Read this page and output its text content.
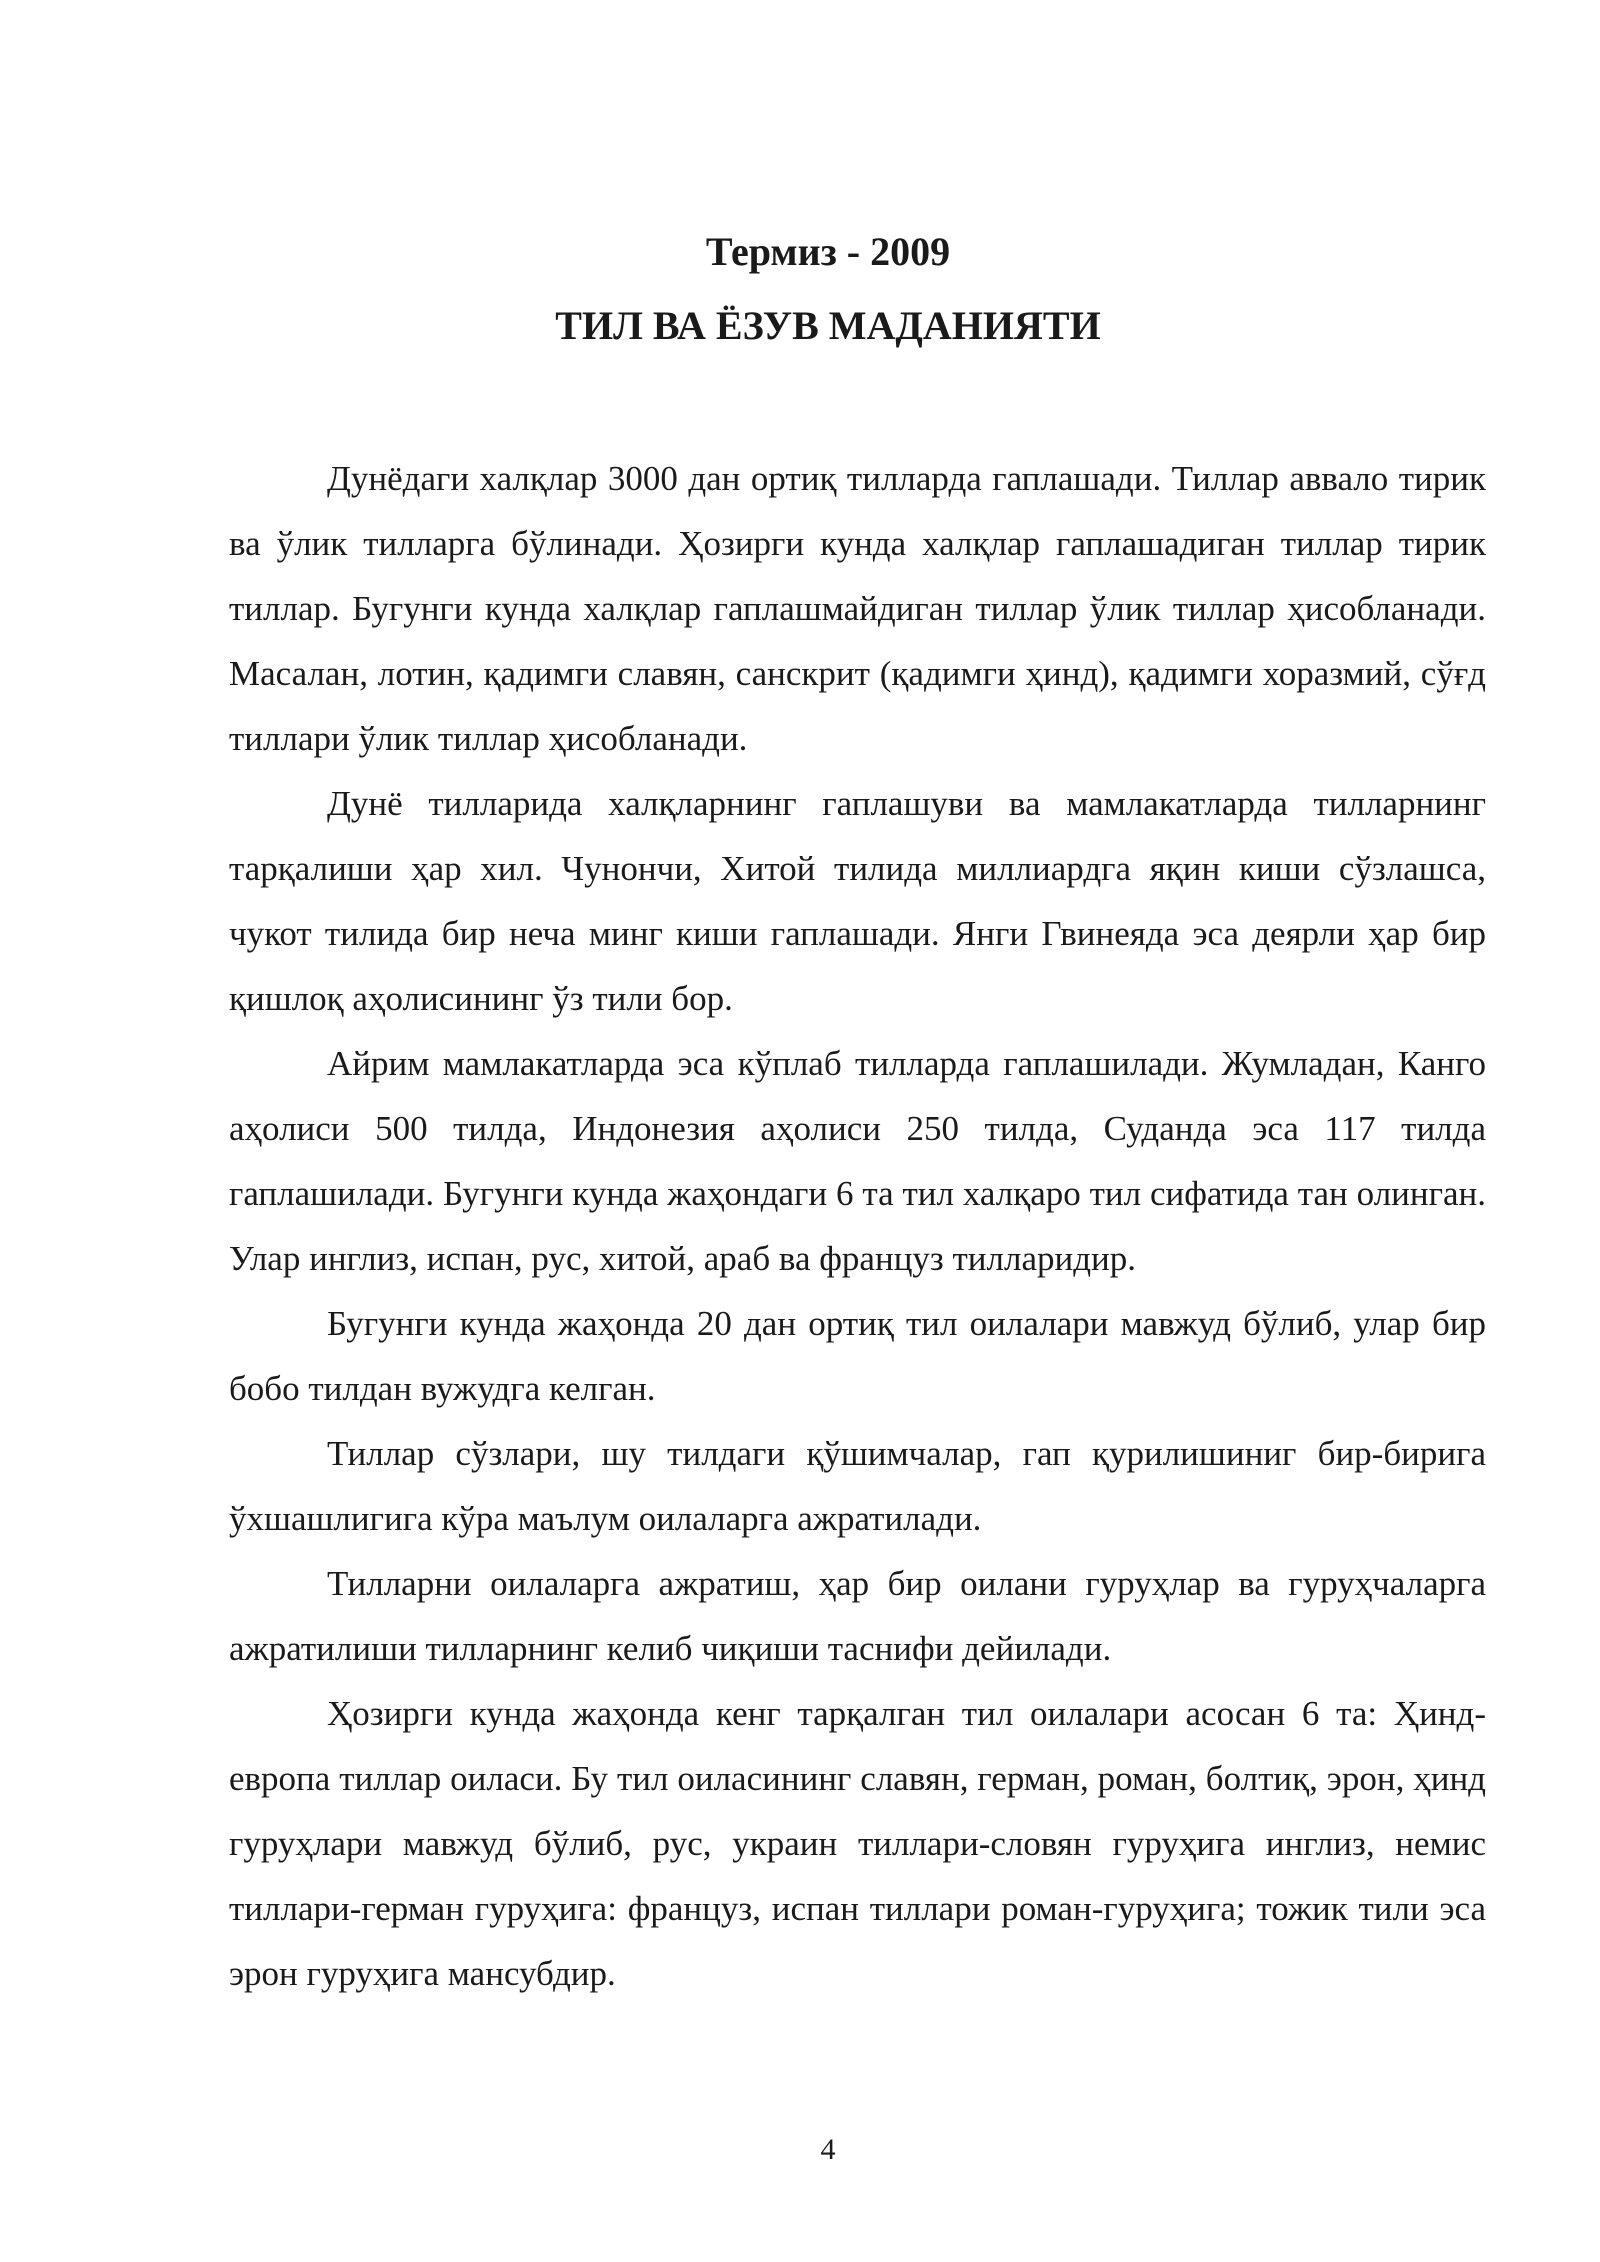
Термиз - 2009
ТИЛ ВА ЁЗУВ МАДАНИЯТИ

Дунёдаги халқлар 3000 дан ортиқ тилларда гаплашади. Тиллар аввало тирик ва ўлик тилларга бўлинади. Ҳозирги кунда халқлар гаплашадиган тиллар тирик тиллар. Бугунги кунда халқлар гаплашмайдиган тиллар ўлик тиллар ҳисобланади. Масалан, лотин, қадимги славян, санскрит (қадимги ҳинд), қадимги хоразмий, сўғд тиллари ўлик тиллар ҳисобланади.

Дунё тилларида халқларнинг гаплашуви ва мамлакатларда тилларнинг тарқалиши ҳар хил. Чунончи, Хитой тилида миллиардга яқин киши сўзлашса, чукот тилида бир неча минг киши гаплашади. Янги Гвинеяда эса деярли ҳар бир қишлоқ аҳолисининг ўз тили бор.

Айрим мамлакатларда эса кўплаб тилларда гаплашилади. Жумладан, Канго аҳолиси 500 тилда, Индонезия аҳолиси 250 тилда, Суданда эса 117 тилда гаплашилади. Бугунги кунда жаҳондаги 6 та тил халқаро тил сифатида тан олинган. Улар инглиз, испан, рус, хитой, араб ва француз тилларидир.

Бугунги кунда жаҳонда 20 дан ортиқ тил оилалари мавжуд бўлиб, улар бир бобо тилдан вужудга келган.

Тиллар сўзлари, шу тилдаги қўшимчалар, гап қурилишиниг бир-бирига ўхшашлигига кўра маълум оилаларга ажратилади.

Тилларни оилаларга ажратиш, ҳар бир оилани гуруҳлар ва гуруҳчаларга ажратилиши тилларнинг келиб чиқиши таснифи дейилади.

Ҳозирги кунда жаҳонда кенг тарқалган тил оилалари асосан 6 та: Ҳинд-европа тиллар оиласи. Бу тил оиласининг славян, герман, роман, болтиқ, эрон, ҳинд гуруҳлари мавжуд бўлиб, рус, украин тиллари-словян гуруҳига инглиз, немис тиллари-герман гуруҳига: француз, испан тиллари роман-гуруҳига; тожик тили эса эрон гуруҳига мансубдир.

4
